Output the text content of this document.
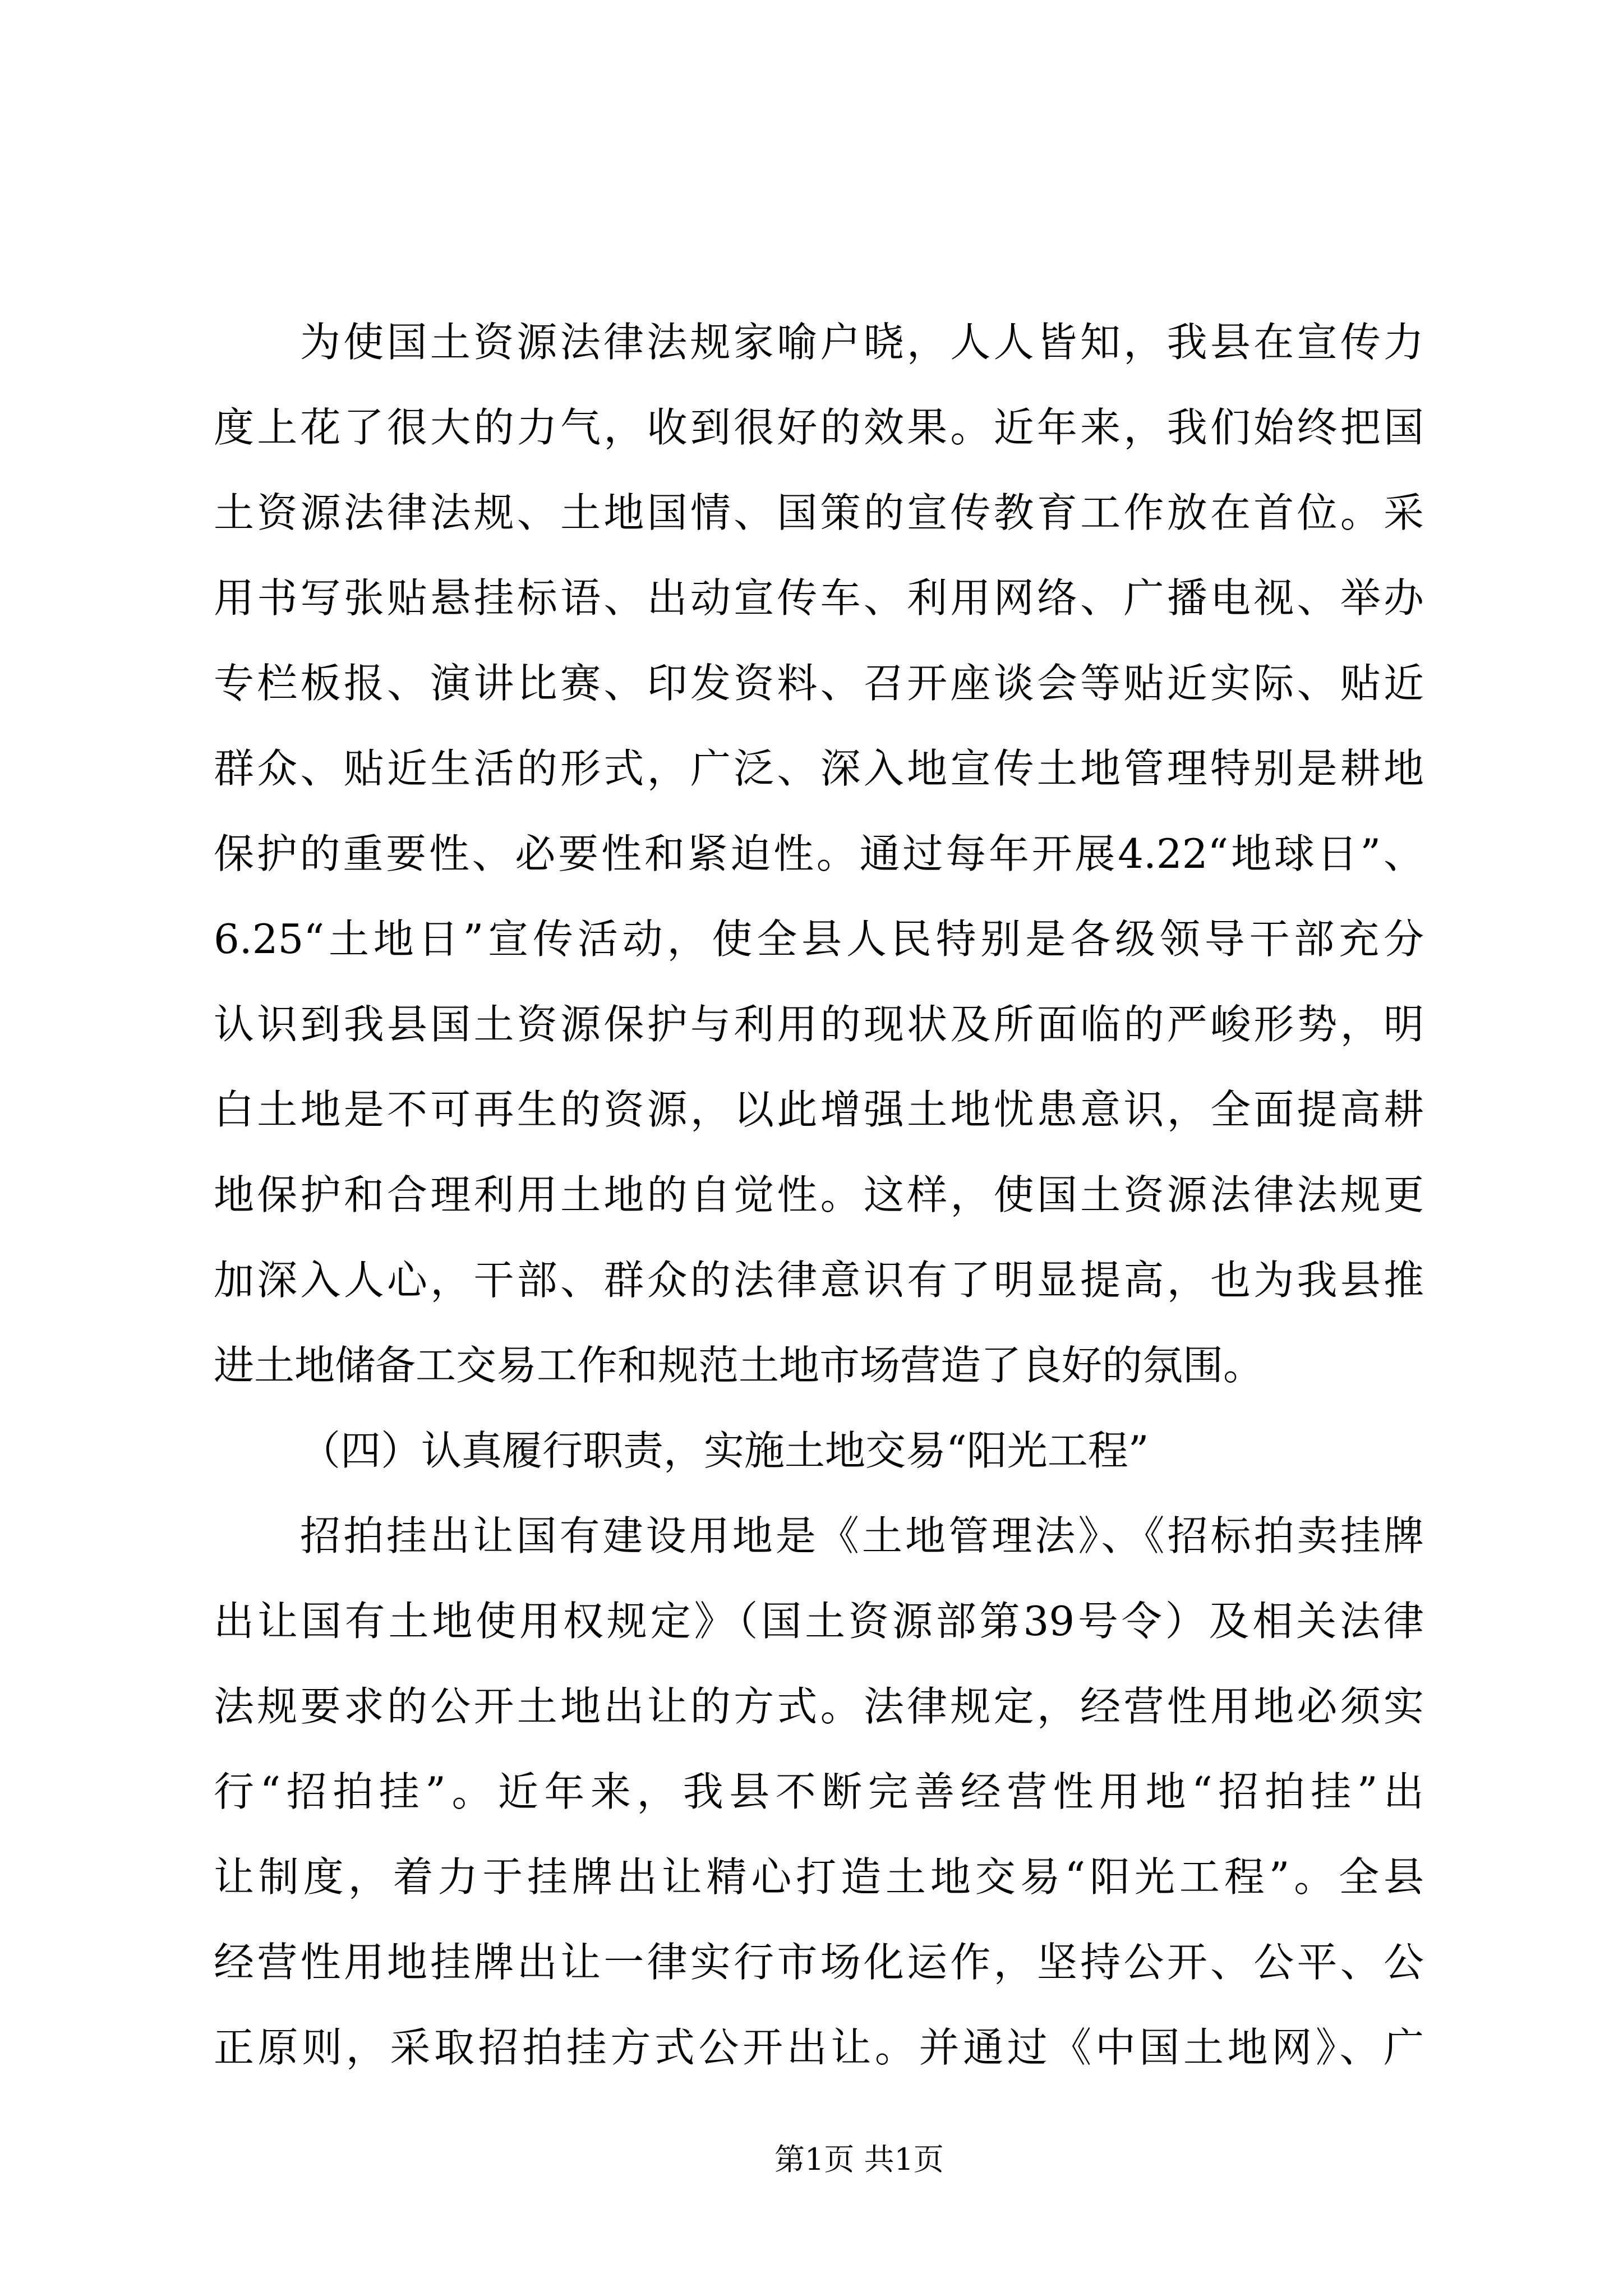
为使国土资源法律法规家喻户晓，人人皆知，我县在宣传力
度上花了很大的力气，收到很好的效果。近年来，我们始终把国
土资源法律法规、土地国情、国策的宣传教育工作放在首位。采
用书写张贴悬挂标语、出动宣传车、利用网络、广播电视、举办
专栏板报、演讲比赛、印发资料、召开座谈会等贴近实际、贴近
群众、贴近生活的形式，广泛、深入地宣传土地管理特别是耕地
保护的重要性、必要性和紧迫性。通过每年开展4.22“地球日”、
6.25“土地日”宣传活动，使全县人民特别是各级领导干部充分
认识到我县国土资源保护与利用的现状及所面临的严峻形势，明
白土地是不可再生的资源，以此增强土地忧患意识，全面提高耕
地保护和合理利用土地的自觉性。这样，使国土资源法律法规更
加深入人心，干部、群众的法律意识有了明显提高，也为我县推
进土地储备工交易工作和规范土地市场营造了良好的氛围。
（四）认真履行职责，实施土地交易“阳光工程”
招拍挂出让国有建设用地是《土地管理法》、《招标拍卖挂牌
出让国有土地使用权规定》（国土资源部第39号令）及相关法律
法规要求的公开土地出让的方式。法律规定，经营性用地必须实
行“招拍挂”。近年来，我县不断完善经营性用地“招拍挂”出
让制度，着力于挂牌出让精心打造土地交易“阳光工程”。全县
经营性用地挂牌出让一律实行市场化运作，坚持公开、公平、公
正原则，采取招拍挂方式公开出让。并通过《中国土地网》、广
第1页 共1页
